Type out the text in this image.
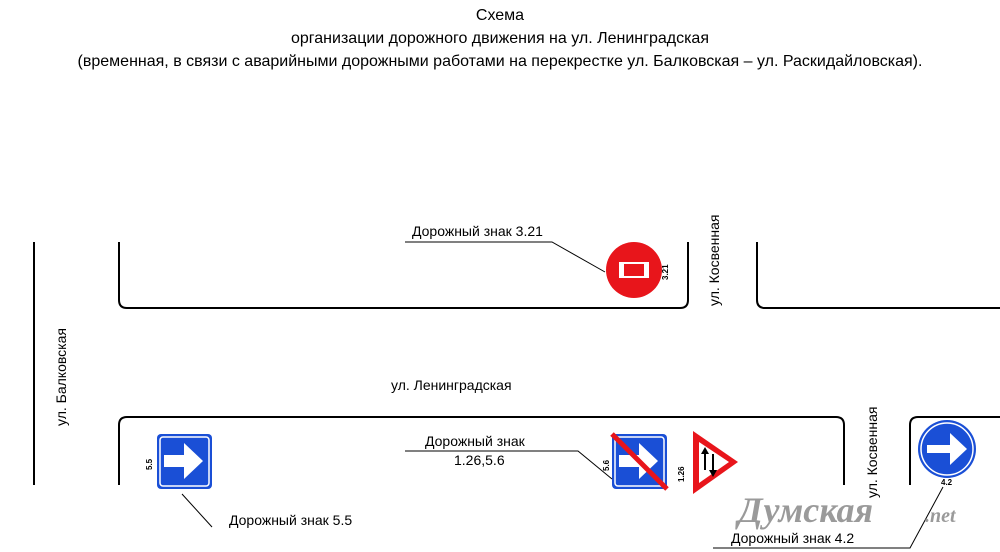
Схема
организации дорожного движения на ул. Ленинградская
(временная, в связи с аварийными дорожными работами на перекрестке ул. Балковская – ул. Раскидайловская).
ул. Балковская	ул. Ленинградская
ул. Косвенная
ул. Косвенная
3.21
Дорожный знак 3.21
5.5
Дорожный знак 5.5
5.6
1.26
Дорожный знак
1.26,5.6
4.2
Дорожный знак 4.2
Думская	.net
